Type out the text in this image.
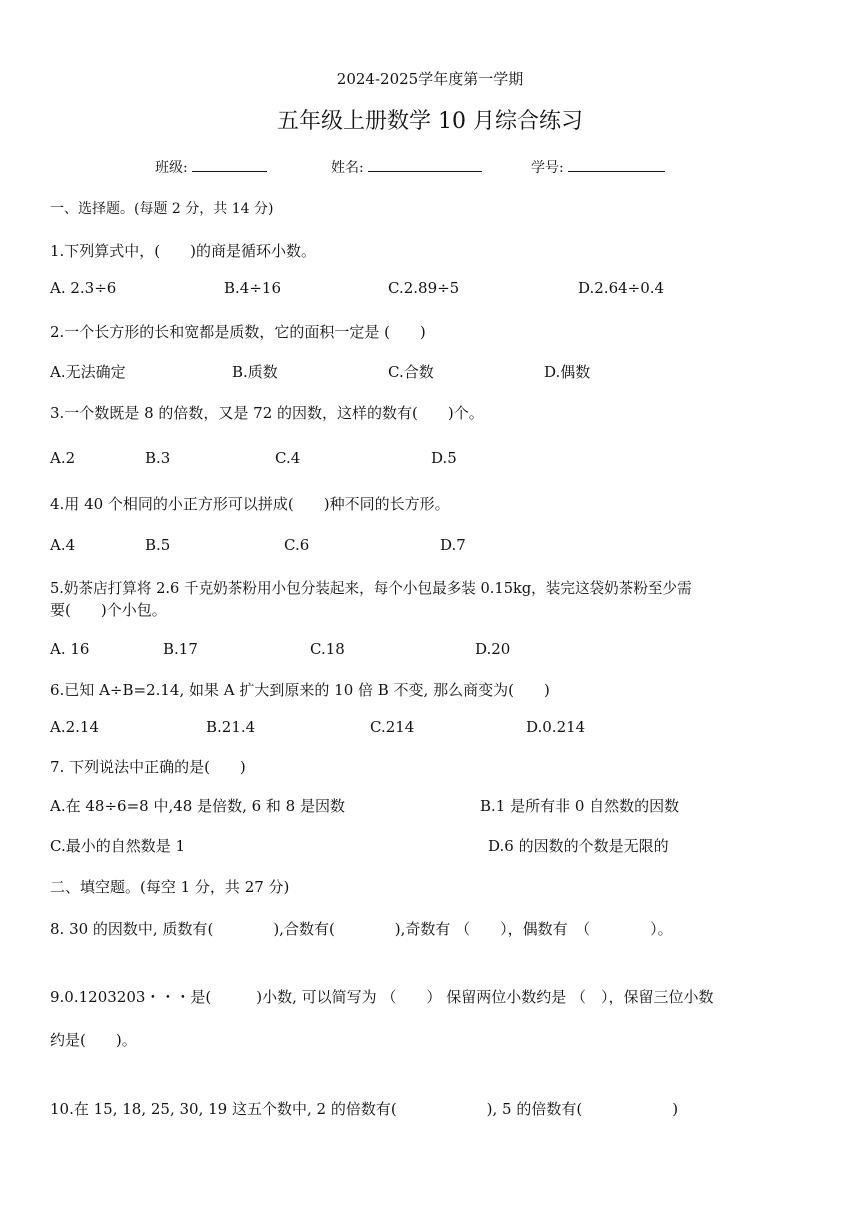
2024-2025学年度第一学期
五年级上册数学 10 月综合练习
班级:	姓名:	学号:
一、选择题。(每题 2 分，共 14 分)
1.下列算式中，(　　)的商是循环小数。
A. 2.3÷6	B.4÷16	C.2.89÷5	D.2.64÷0.4
2.一个长方形的长和宽都是质数，它的面积一定是 (　　)
A.无法确定	B.质数	C.合数	D.偶数
3.一个数既是 8 的倍数，又是 72 的因数，这样的数有(　　)个。
A.2	B.3	C.4	D.5
4.用 40 个相同的小正方形可以拼成(　　)种不同的长方形。
A.4	B.5	C.6	D.7
5.奶茶店打算将 2.6 千克奶茶粉用小包分装起来，每个小包最多装 0.15kg，装完这袋奶茶粉至少需
要(　　)个小包。
A. 16	B.17	C.18	D.20
6.已知 A÷B=2.14, 如果 A 扩大到原来的 10 倍 B 不变, 那么商变为(　　)
A.2.14	B.21.4	C.214	D.0.214
7. 下列说法中正确的是(　　)
A.在 48÷6=8 中,48 是倍数, 6 和 8 是因数	B.1 是所有非 0 自然数的因数
C.最小的自然数是 1	D.6 的因数的个数是无限的
二、填空题。(每空 1 分，共 27 分)
8. 30 的因数中, 质数有(　　　　),合数有(　　　　),奇数有 （　　），偶数有　（　　　　）。
9.0.1203203・・・是(　　　)小数, 可以简写为 （　　） 保留两位小数约是 （　），保留三位小数
约是(　　)。
10.在 15, 18, 25, 30, 19 这五个数中, 2 的倍数有(　　　　　　), 5 的倍数有(　　　　　　)
